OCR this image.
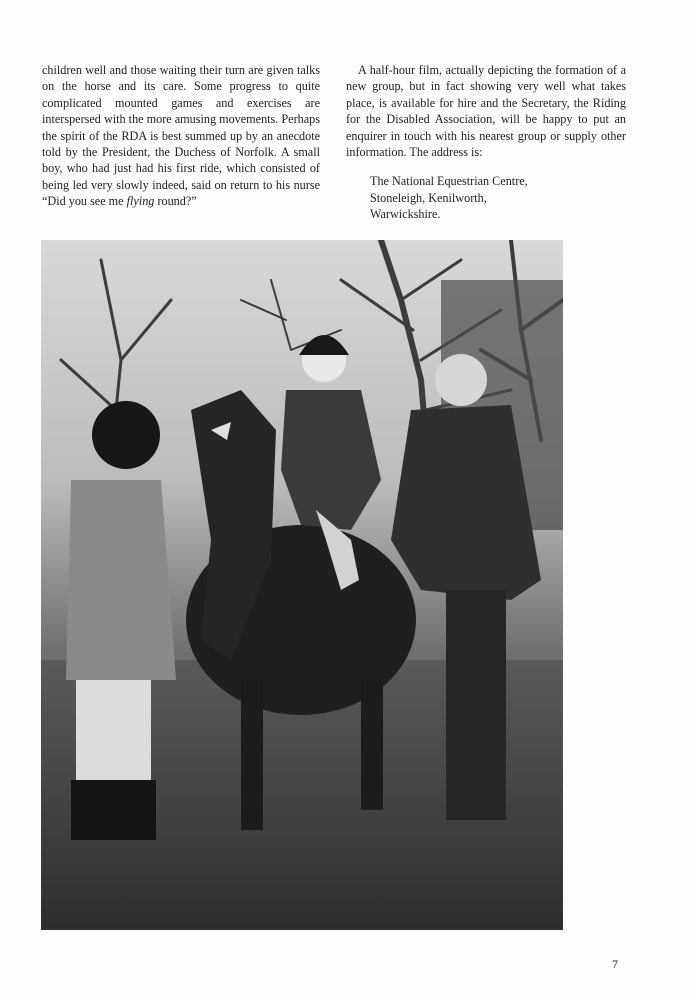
children well and those waiting their turn are given talks on the horse and its care. Some progress to quite complicated mounted games and exercises are interspersed with the more amusing movements. Perhaps the spirit of the RDA is best summed up by an anecdote told by the President, the Duchess of Norfolk. A small boy, who had just had his first ride, which consisted of being led very slowly indeed, said on return to his nurse “Did you see me flying round?”

A half-hour film, actually depicting the formation of a new group, but in fact showing very well what takes place, is available for hire and the Secretary, the Riding for the Disabled Association, will be happy to put an enquirer in touch with his nearest group or supply other information. The address is:

The National Equestrian Centre,
Stoneleigh, Kenilworth,
Warwickshire.
7
